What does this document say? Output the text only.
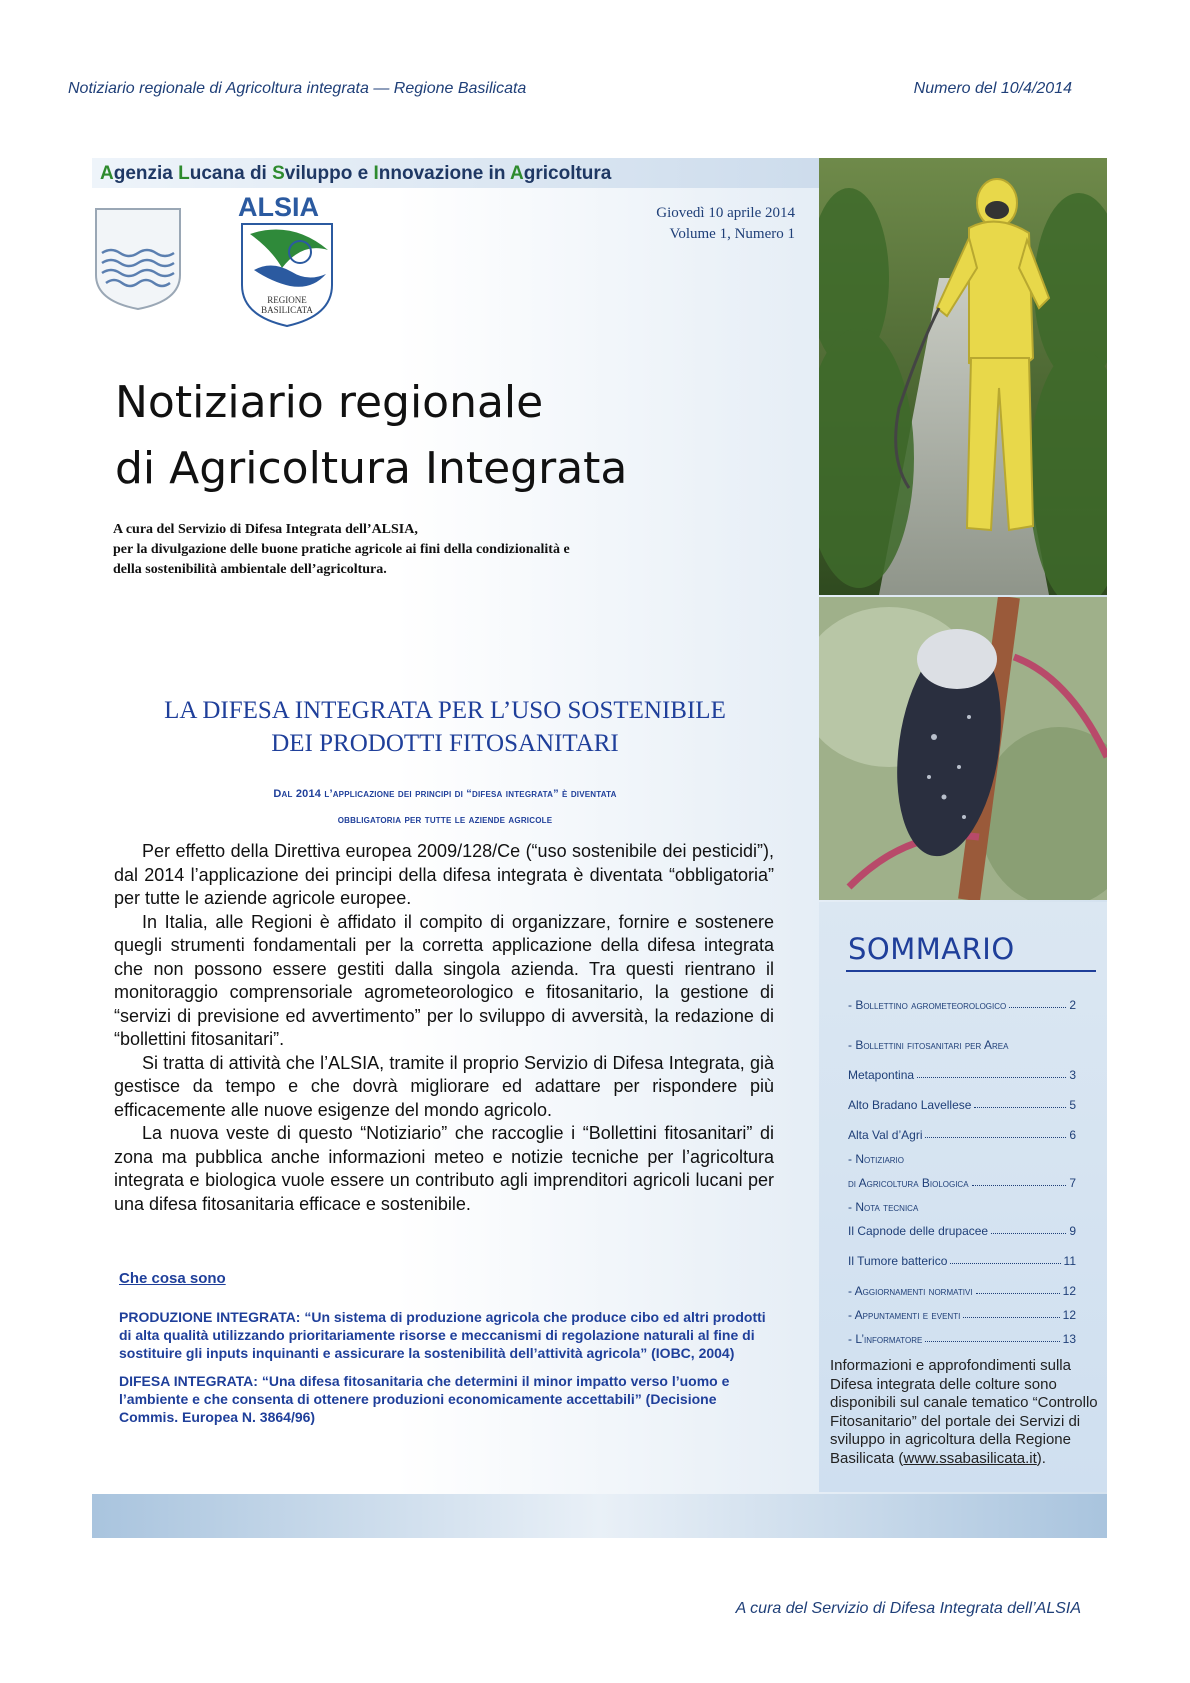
Notiziario regionale di Agricoltura integrata — Regione Basilicata	Numero del 10/4/2014
Agenzia Lucana di Sviluppo e Innovazione in Agricoltura
ALSIA
REGIONE
BASILICATA
Giovedì 10 aprile 2014
Volume 1, Numero 1
Notiziario regionale
di Agricoltura Integrata
A cura del Servizio di Difesa Integrata dell’ALSIA,
per la divulgazione delle buone pratiche agricole ai fini della condizionalità e
della sostenibilità ambientale dell’agricoltura.
LA DIFESA INTEGRATA PER L’USO SOSTENIBILE
DEI PRODOTTI FITOSANITARI
Dal 2014 l’applicazione dei principi di “difesa integrata” è diventata
obbligatoria per tutte le aziende agricole

Per effetto della Direttiva europea 2009/128/Ce (“uso sostenibile dei pesticidi”), dal 2014 l’applicazione dei principi della difesa integrata è diventata “obbligatoria” per tutte le aziende agricole europee.

In Italia, alle Regioni è affidato il compito di organizzare, fornire e sostenere quegli strumenti fondamentali per la corretta applicazione della difesa integrata che non possono essere gestiti dalla singola azienda. Tra questi rientrano il monitoraggio comprensoriale agrometeorologico e fitosanitario, la gestione di “servizi di previsione ed avvertimento” per lo sviluppo di avversità, la redazione di “bollettini fitosanitari”.

Si tratta di attività che l’ALSIA, tramite il proprio Servizio di Difesa Integrata, già gestisce da tempo e che dovrà migliorare ed adattare per rispondere più efficacemente alle nuove esigenze del mondo agricolo.

La nuova veste di questo “Notiziario” che raccoglie i “Bollettini fitosanitari” di zona ma pubblica anche informazioni meteo e notizie tecniche per l’agricoltura integrata e biologica vuole essere un contributo agli imprenditori agricoli lucani per una difesa fitosanitaria efficace e sostenibile.

Che cosa sono

PRODUZIONE INTEGRATA: “Un sistema di produzione agricola che produce cibo ed altri prodotti di alta qualità utilizzando prioritariamente risorse e meccanismi di regolazione naturali al fine di sostituire gli inputs inquinanti e assicurare la sostenibilità dell’attività agricola” (IOBC, 2004)

DIFESA INTEGRATA: “Una difesa fitosanitaria che determini il minor impatto verso l’uomo e l’ambiente e che consenta di ottenere produzioni economicamente accettabili” (Decisione Commis. Europea N. 3864/96)

SOMMARIO
- Bollettino agrometeorologico	2
- Bollettini fitosanitari per Area
Metapontina	3
Alto Bradano Lavellese	5
Alta Val d’Agri	6
- Notiziario
di Agricoltura Biologica	7
- Nota tecnica
Il Capnode delle drupacee	9
Il Tumore batterico	11
- Aggiornamenti normativi	12
- Appuntamenti e eventi	12
- L’informatore	13
Informazioni e approfondimenti sulla Difesa integrata delle colture sono disponibili sul canale tematico “Controllo Fitosanitario” del portale dei Servizi di sviluppo in agricoltura della Regione Basilicata (www.ssabasilicata.it).
A cura del Servizio di Difesa Integrata dell’ALSIA
